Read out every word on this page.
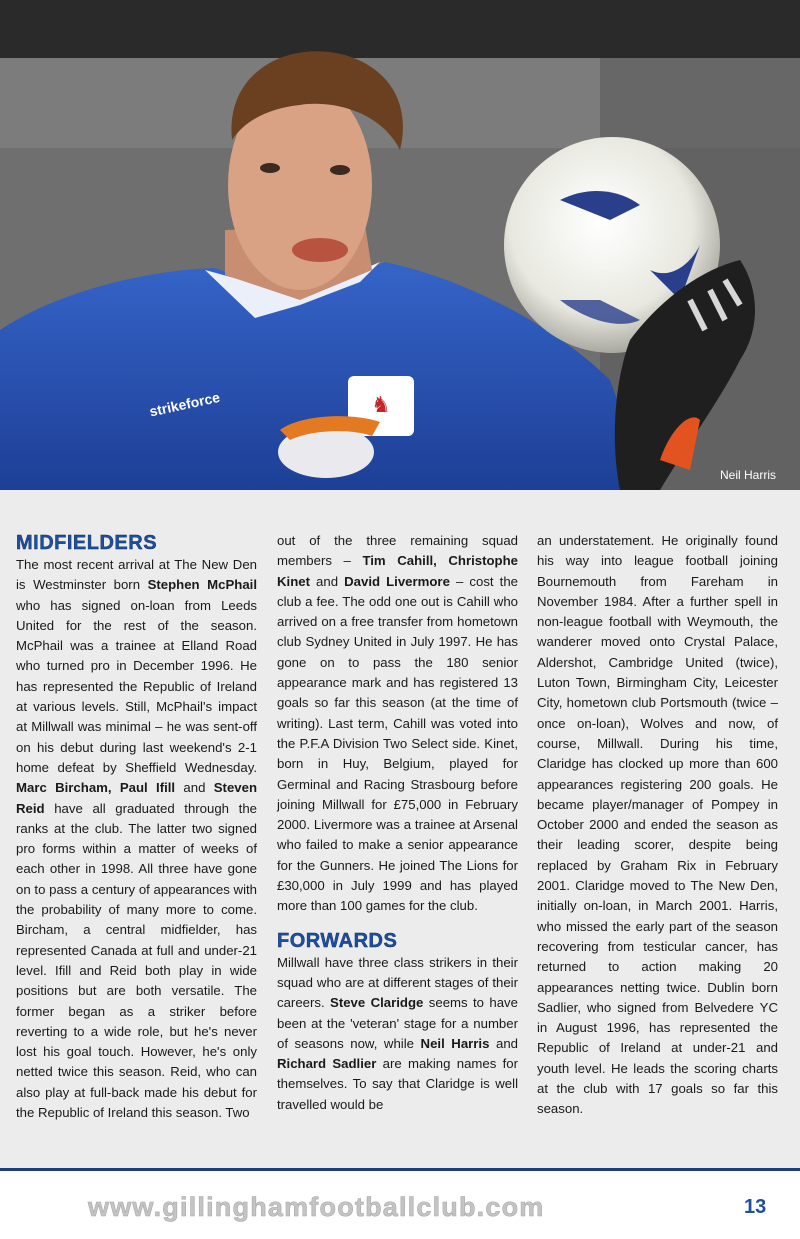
♞
strikeforce
Neil Harris
MIDFIELDERS

The most recent arrival at The New Den is Westminster born Stephen McPhail who has signed on-loan from Leeds United for the rest of the season. McPhail was a trainee at Elland Road who turned pro in December 1996. He has represented the Republic of Ireland at various levels. Still, McPhail's impact at Millwall was minimal – he was sent-off on his debut during last weekend's 2-1 home defeat by Sheffield Wednesday. Marc Bircham, Paul Ifill and Steven Reid have all graduated through the ranks at the club. The latter two signed pro forms within a matter of weeks of each other in 1998. All three have gone on to pass a century of appearances with the probability of many more to come. Bircham, a central midfielder, has represented Canada at full and under-21 level. Ifill and Reid both play in wide positions but are both versatile. The former began as a striker before reverting to a wide role, but he's never lost his goal touch. However, he's only netted twice this season. Reid, who can also play at full-back made his debut for the Republic of Ireland this season. Two

out of the three remaining squad members – Tim Cahill, Christophe Kinet and David Livermore – cost the club a fee. The odd one out is Cahill who arrived on a free transfer from hometown club Sydney United in July 1997. He has gone on to pass the 180 senior appearance mark and has registered 13 goals so far this season (at the time of writing). Last term, Cahill was voted into the P.F.A Division Two Select side. Kinet, born in Huy, Belgium, played for Germinal and Racing Strasbourg before joining Millwall for £75,000 in February 2000. Livermore was a trainee at Arsenal who failed to make a senior appearance for the Gunners. He joined The Lions for £30,000 in July 1999 and has played more than 100 games for the club.

FORWARDS

Millwall have three class strikers in their squad who are at different stages of their careers. Steve Claridge seems to have been at the 'veteran' stage for a number of seasons now, while Neil Harris and Richard Sadlier are making names for themselves. To say that Claridge is well travelled would be

an understatement. He originally found his way into league football joining Bournemouth from Fareham in November 1984. After a further spell in non-league football with Weymouth, the wanderer moved onto Crystal Palace, Aldershot, Cambridge United (twice), Luton Town, Birmingham City, Leicester City, hometown club Portsmouth (twice – once on-loan), Wolves and now, of course, Millwall. During his time, Claridge has clocked up more than 600 appearances registering 200 goals. He became player/manager of Pompey in October 2000 and ended the season as their leading scorer, despite being replaced by Graham Rix in February 2001. Claridge moved to The New Den, initially on-loan, in March 2001. Harris, who missed the early part of the season recovering from testicular cancer, has returned to action making 20 appearances netting twice. Dublin born Sadlier, who signed from Belvedere YC in August 1996, has represented the Republic of Ireland at under-21 and youth level. He leads the scoring charts at the club with 17 goals so far this season.

www.gillinghamfootballclub.com	13
